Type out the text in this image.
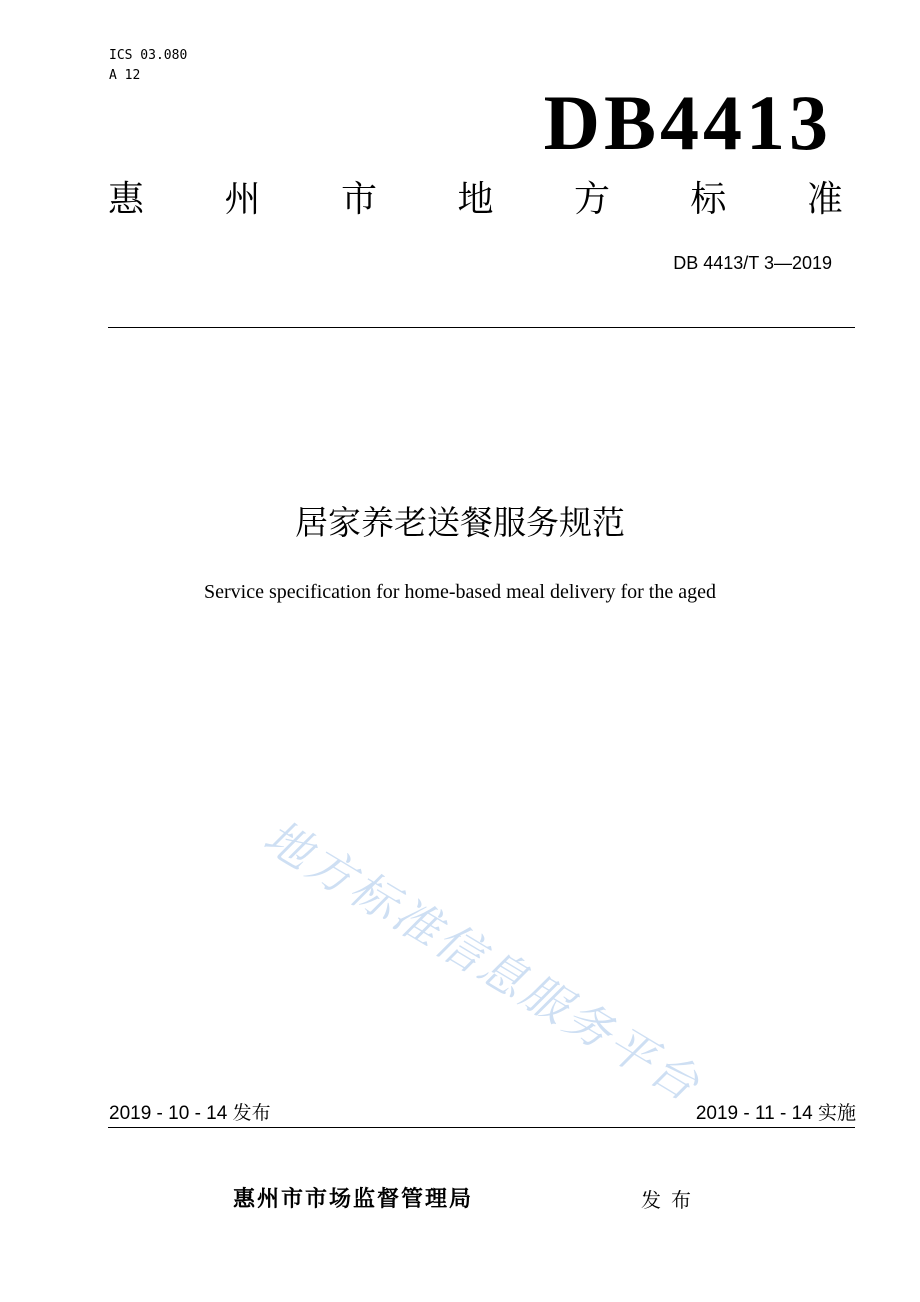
ICS 03.080
A 12
DB4413
惠 州 市 地 方 标 准
DB 4413/T 3—2019
居家养老送餐服务规范
Service specification for home-based meal delivery for the aged
地方标准信息服务平台
2019 - 10 - 14 发布	2019 - 11 - 14 实施
惠州市市场监督管理局	发布
